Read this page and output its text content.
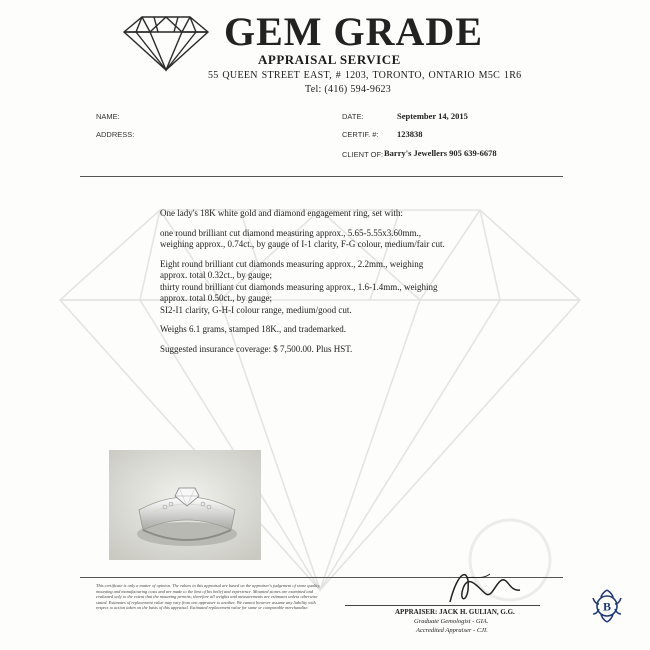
GEM GRADE
APPRAISAL SERVICE
55 QUEEN STREET EAST, # 1203, TORONTO, ONTARIO M5C 1R6
Tel: (416) 594-9623
NAME:
ADDRESS:
DATE:	September 14, 2015
CERTIF. #: 123838
CLIENT OF: Barry's Jewellers 905 639-6678

One lady's 18K white gold and diamond engagement ring, set with:

one round brilliant cut diamond measuring approx., 5.65-5.55x3.60mm.,
weighing approx., 0.74ct., by gauge of I-1 clarity, F-G colour, medium/fair cut.

Eight round brilliant cut diamonds measuring approx., 2.2mm., weighing
approx. total 0.32ct., by gauge;
thirty round brilliant cut diamonds measuring approx., 1.6-1.4mm., weighing
approx. total 0.50ct., by gauge;
SI2-I1 clarity, G-H-I colour range, medium/good cut.

Weighs 6.1 grams, stamped 18K., and trademarked.

Suggested insurance coverage: $ 7,500.00. Plus HST.

This certificate is only a matter of opinion. The values in this appraisal are based on the appraiser's judgement of stone quality, mounting and manufacturing costs and are made to the best of his belief and experience. Mounted stones are examined and evaluated only to the extent that the mounting permits; therefore all weights and measurements are estimates unless otherwise stated. Estimates of replacement value may vary from one appraiser to another. We cannot however assume any liability with respect to action taken on the basis of this appraisal. Estimated replacement value for same or comparable merchandise.
APPRAISER: JACK H. GULIAN, G.G.
Graduate Gemologist - GIA.
Accredited Appraiser - CJI.
B
